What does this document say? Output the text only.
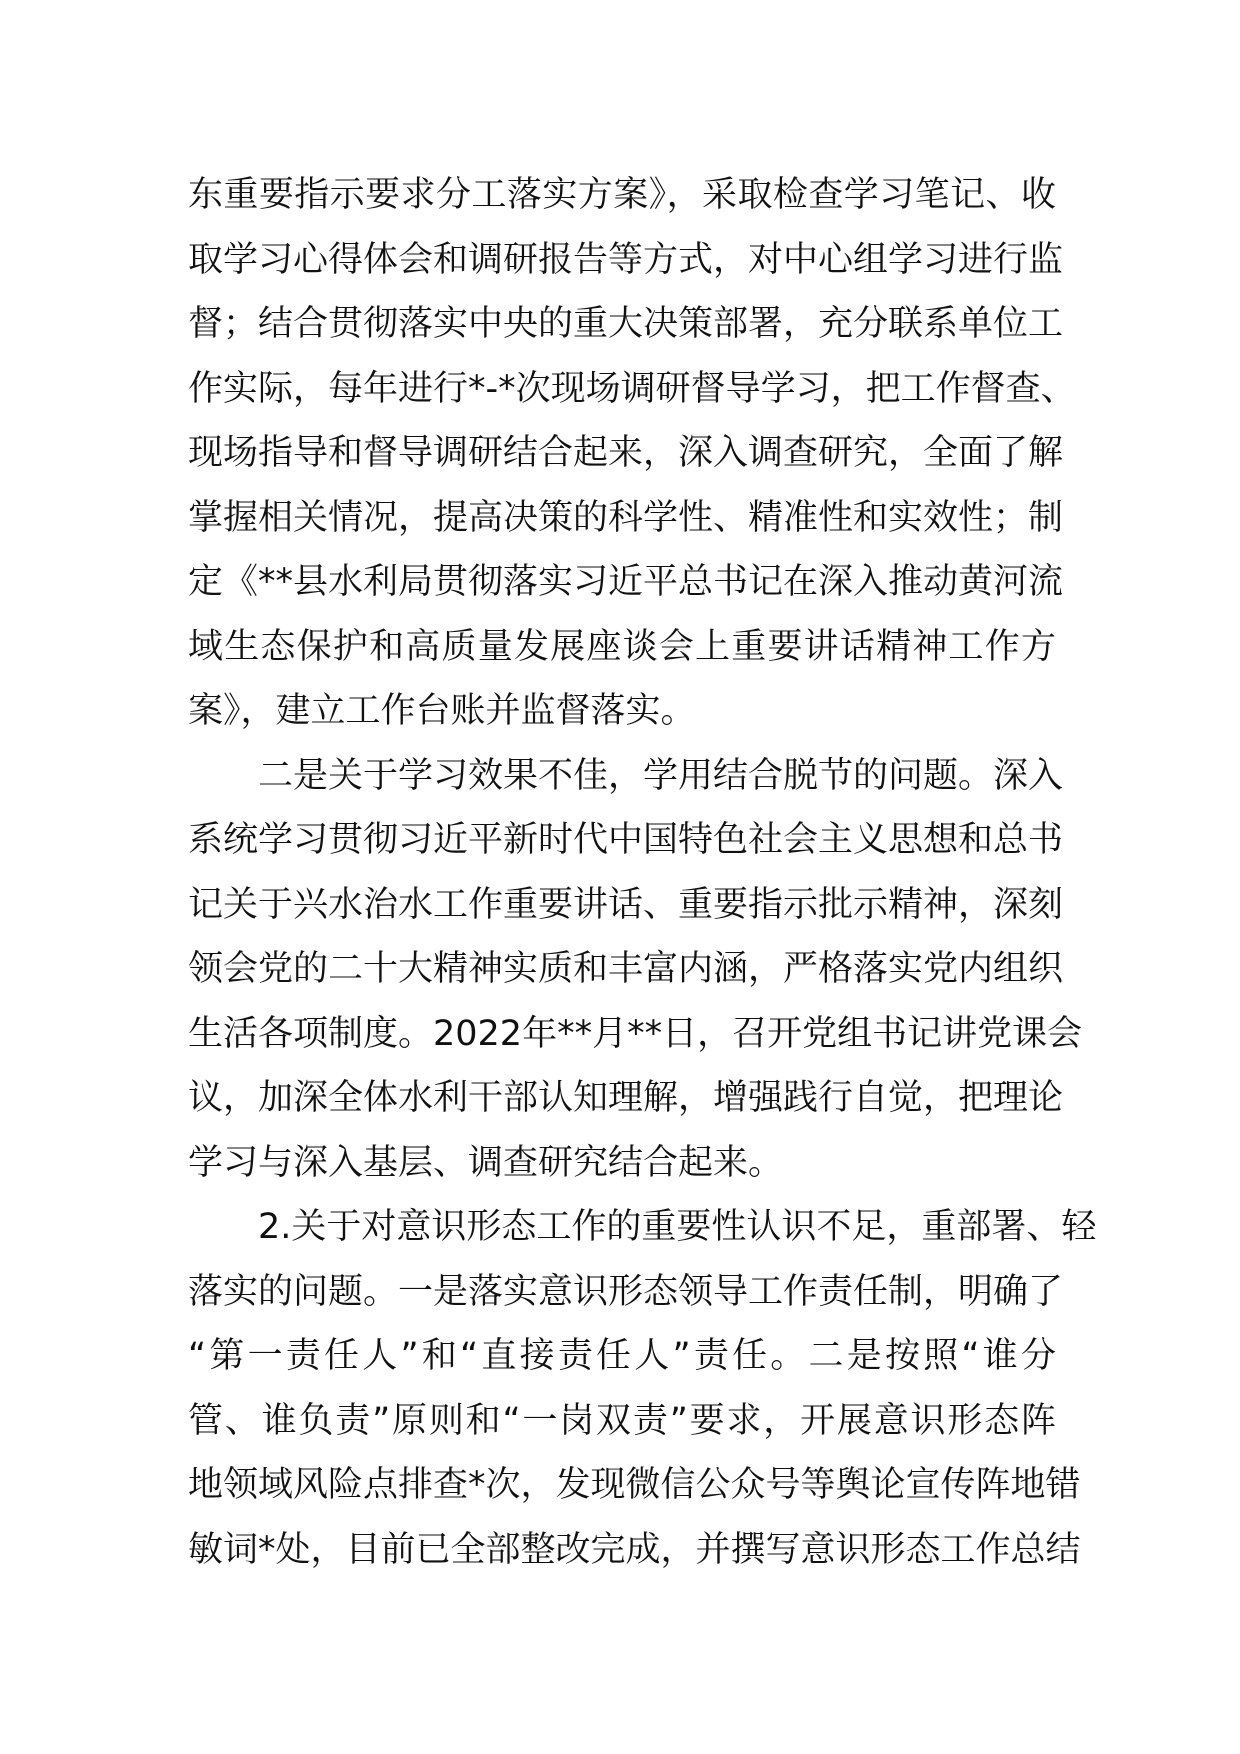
东重要指示要求分工落实方案》，采取检查学习笔记、收
取学习心得体会和调研报告等方式，对中心组学习进行监
督；结合贯彻落实中央的重大决策部署，充分联系单位工
作实际，每年进行*-*次现场调研督导学习，把工作督查、
现场指导和督导调研结合起来，深入调查研究，全面了解
掌握相关情况，提高决策的科学性、精准性和实效性；制
定《**县水利局贯彻落实习近平总书记在深入推动黄河流
域生态保护和高质量发展座谈会上重要讲话精神工作方
案》，建立工作台账并监督落实。
二是关于学习效果不佳，学用结合脱节的问题。深入
系统学习贯彻习近平新时代中国特色社会主义思想和总书
记关于兴水治水工作重要讲话、重要指示批示精神，深刻
领会党的二十大精神实质和丰富内涵，严格落实党内组织
生活各项制度。2022年**月**日，召开党组书记讲党课会
议，加深全体水利干部认知理解，增强践行自觉，把理论
学习与深入基层、调查研究结合起来。
2.关于对意识形态工作的重要性认识不足，重部署、轻
落实的问题。一是落实意识形态领导工作责任制，明确了
“第一责任人”和“直接责任人”责任。二是按照“谁分
管、谁负责”原则和“一岗双责”要求，开展意识形态阵
地领域风险点排查*次，发现微信公众号等舆论宣传阵地错
敏词*处，目前已全部整改完成，并撰写意识形态工作总结
